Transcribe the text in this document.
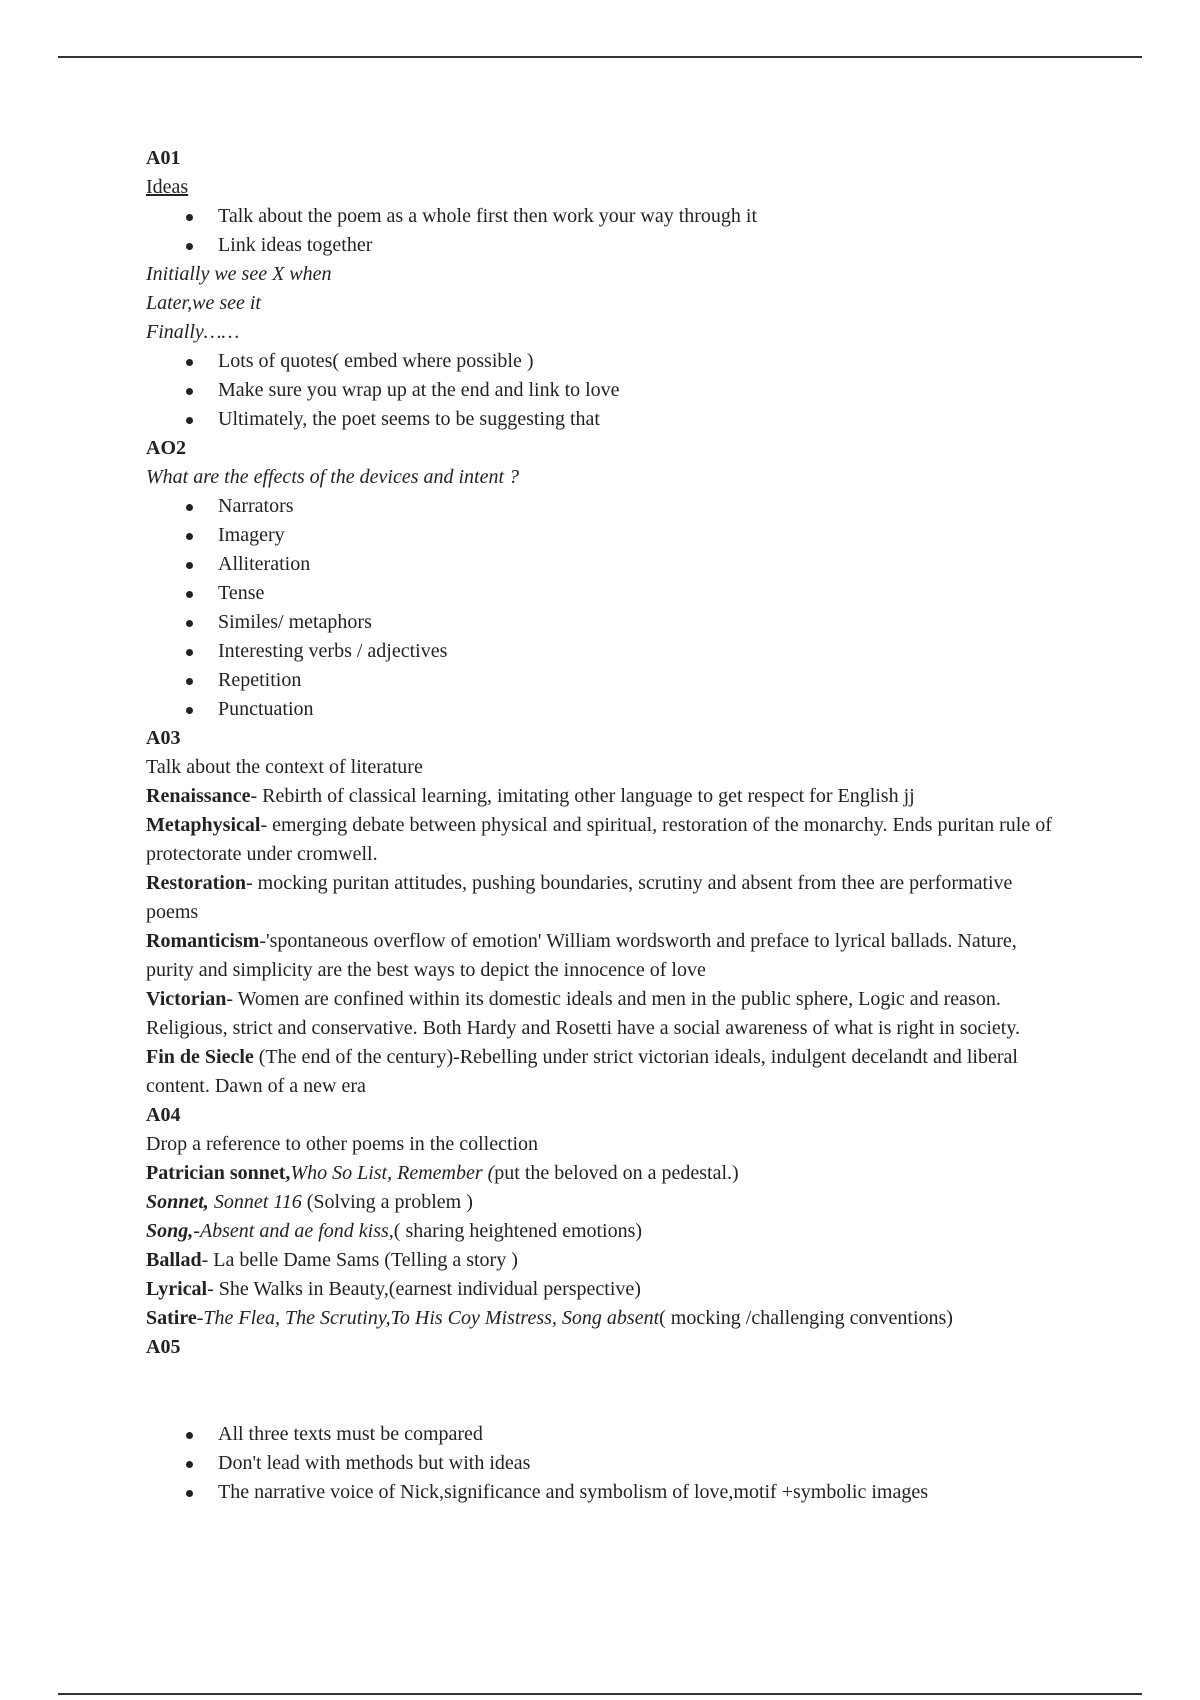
A01
Ideas
Talk about the poem as a whole first then work your way through it
Link ideas together
Initially we see X when
Later,we see it
Finally……
Lots of quotes( embed where possible )
Make sure you wrap up at the end and link to love
Ultimately, the poet seems to be suggesting that
AO2
What are the effects of the devices and intent ?
Narrators
Imagery
Alliteration
Tense
Similes/ metaphors
Interesting verbs / adjectives
Repetition
Punctuation
A03
Talk about the context of literature
Renaissance- Rebirth of classical learning, imitating other language to get respect for English jj
Metaphysical- emerging debate between physical and spiritual, restoration of the monarchy. Ends puritan rule of protectorate under cromwell.
Restoration- mocking puritan attitudes, pushing boundaries, scrutiny and absent from thee are performative poems
Romanticism-'spontaneous overflow of emotion' William wordsworth and preface to lyrical ballads. Nature, purity and simplicity are the best ways to depict the innocence of love
Victorian- Women are confined within its domestic ideals and men in the public sphere, Logic and reason. Religious, strict and conservative. Both Hardy and Rosetti have a social awareness of what is right in society.
Fin de Siecle (The end of the century)-Rebelling under strict victorian ideals, indulgent decelandt and liberal content. Dawn of a new era
A04
Drop a reference to other poems in the collection
Patrician sonnet,Who So List, Remember (put the beloved on a pedestal.)
Sonnet, Sonnet 116 (Solving a problem )
Song,-Absent and ae fond kiss,( sharing heightened emotions)
Ballad- La belle Dame Sams (Telling a story )
Lyrical- She Walks in Beauty,(earnest individual perspective)
Satire-The Flea, The Scrutiny,To His Coy Mistress, Song absent( mocking /challenging conventions)
A05
All three texts must be compared
Don't lead with methods but with ideas
The narrative voice of Nick,significance and symbolism of love,motif +symbolic images
